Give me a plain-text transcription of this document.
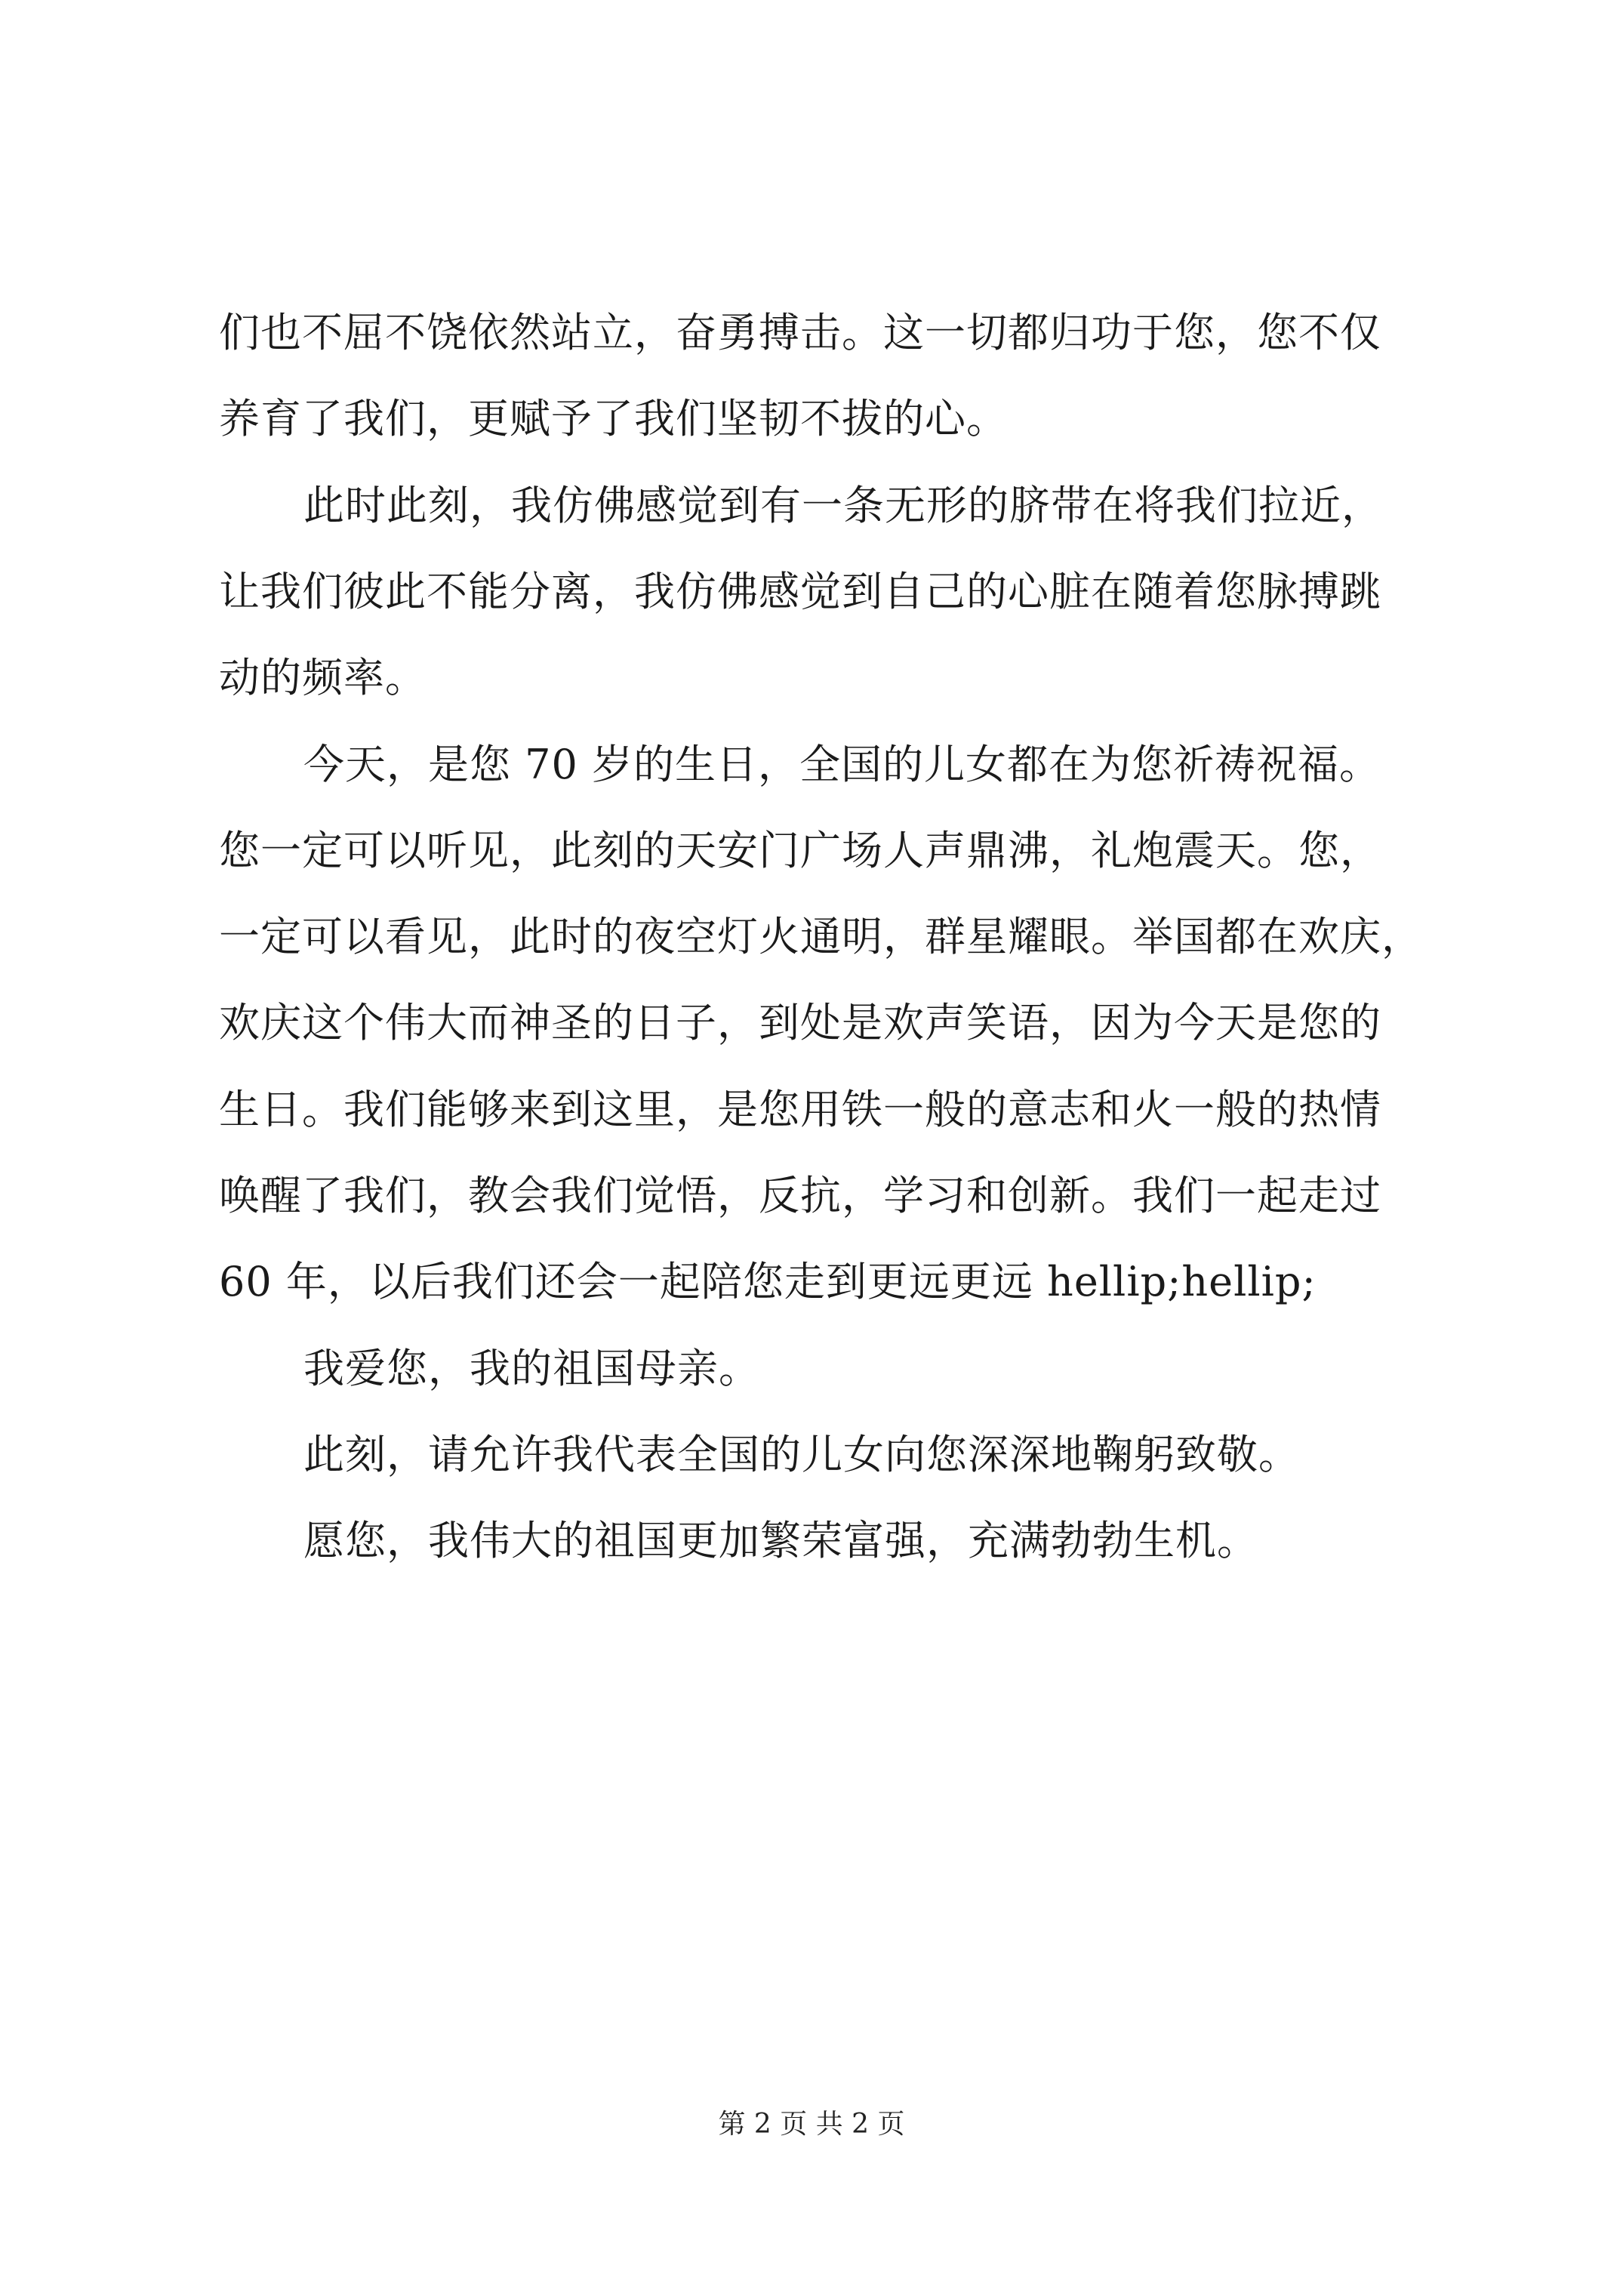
们也不屈不饶依然站立，奋勇搏击。这一切都归功于您，您不仅
养育了我们，更赋予了我们坚韧不拔的心。
此时此刻，我仿佛感觉到有一条无形的脐带在将我们拉近，
让我们彼此不能分离，我仿佛感觉到自己的心脏在随着您脉搏跳
动的频率。
今天，是您 70 岁的生日，全国的儿女都在为您祈祷祝福。
您一定可以听见，此刻的天安门广场人声鼎沸，礼炮震天。您，
一定可以看见，此时的夜空灯火通明，群星耀眼。举国都在欢庆，
欢庆这个伟大而神圣的日子，到处是欢声笑语，因为今天是您的
生日。我们能够来到这里，是您用铁一般的意志和火一般的热情
唤醒了我们，教会我们觉悟，反抗，学习和创新。我们一起走过
60 年，以后我们还会一起陪您走到更远更远 hellip;hellip;
我爱您，我的祖国母亲。
此刻，请允许我代表全国的儿女向您深深地鞠躬致敬。
愿您，我伟大的祖国更加繁荣富强，充满勃勃生机。
第 2 页 共 2 页
